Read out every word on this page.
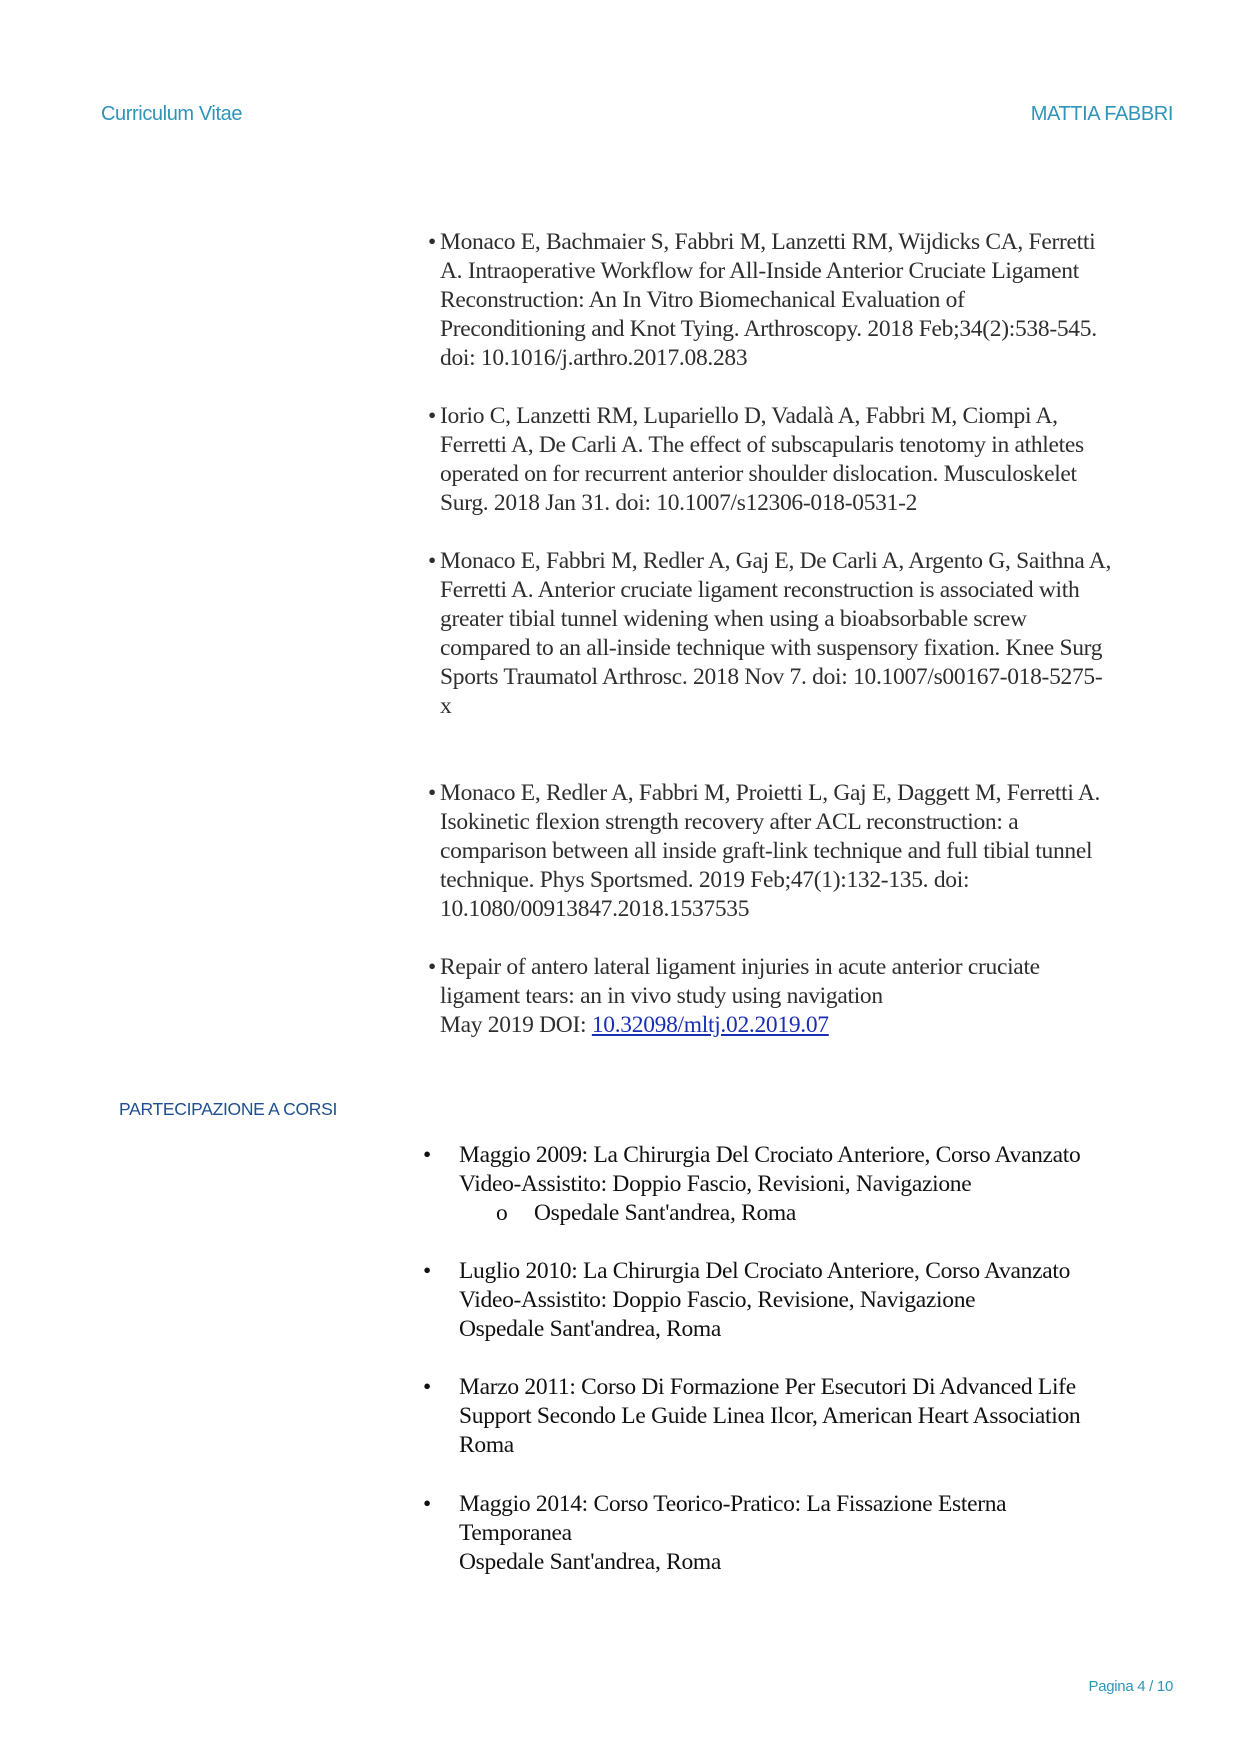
Curriculum Vitae	MATTIA FABBRI
• Monaco E, Bachmaier S, Fabbri M, Lanzetti RM, Wijdicks CA, Ferretti
A. Intraoperative Workflow for All-Inside Anterior Cruciate Ligament
Reconstruction: An In Vitro Biomechanical Evaluation of
Preconditioning and Knot Tying. Arthroscopy. 2018 Feb;34(2):538-545.
doi: 10.1016/j.arthro.2017.08.283
• Iorio C, Lanzetti RM, Lupariello D, Vadalà A, Fabbri M, Ciompi A,
Ferretti A, De Carli A. The effect of subscapularis tenotomy in athletes
operated on for recurrent anterior shoulder dislocation. Musculoskelet
Surg. 2018 Jan 31. doi: 10.1007/s12306-018-0531-2
• Monaco E, Fabbri M, Redler A, Gaj E, De Carli A, Argento G, Saithna A,
Ferretti A. Anterior cruciate ligament reconstruction is associated with
greater tibial tunnel widening when using a bioabsorbable screw
compared to an all-inside technique with suspensory fixation. Knee Surg
Sports Traumatol Arthrosc. 2018 Nov 7. doi: 10.1007/s00167-018-5275-
x
• Monaco E, Redler A, Fabbri M, Proietti L, Gaj E, Daggett M, Ferretti A.
Isokinetic flexion strength recovery after ACL reconstruction: a
comparison between all inside graft-link technique and full tibial tunnel
technique. Phys Sportsmed. 2019 Feb;47(1):132-135. doi:
10.1080/00913847.2018.1537535
• Repair of antero lateral ligament injuries in acute anterior cruciate
ligament tears: an in vivo study using navigation
May 2019 DOI: 10.32098/mltj.02.2019.07
PARTECIPAZIONE A CORSI
• Maggio 2009: La Chirurgia Del Crociato Anteriore, Corso Avanzato
Video-Assistito: Doppio Fascio, Revisioni, Navigazione
o Ospedale Sant'andrea, Roma
• Luglio 2010: La Chirurgia Del Crociato Anteriore, Corso Avanzato
Video-Assistito: Doppio Fascio, Revisione, Navigazione
Ospedale Sant'andrea, Roma
• Marzo 2011: Corso Di Formazione Per Esecutori Di Advanced Life
Support Secondo Le Guide Linea Ilcor, American Heart Association
Roma
• Maggio 2014: Corso Teorico-Pratico: La Fissazione Esterna
Temporanea
Ospedale Sant'andrea, Roma
Pagina 4 / 10
